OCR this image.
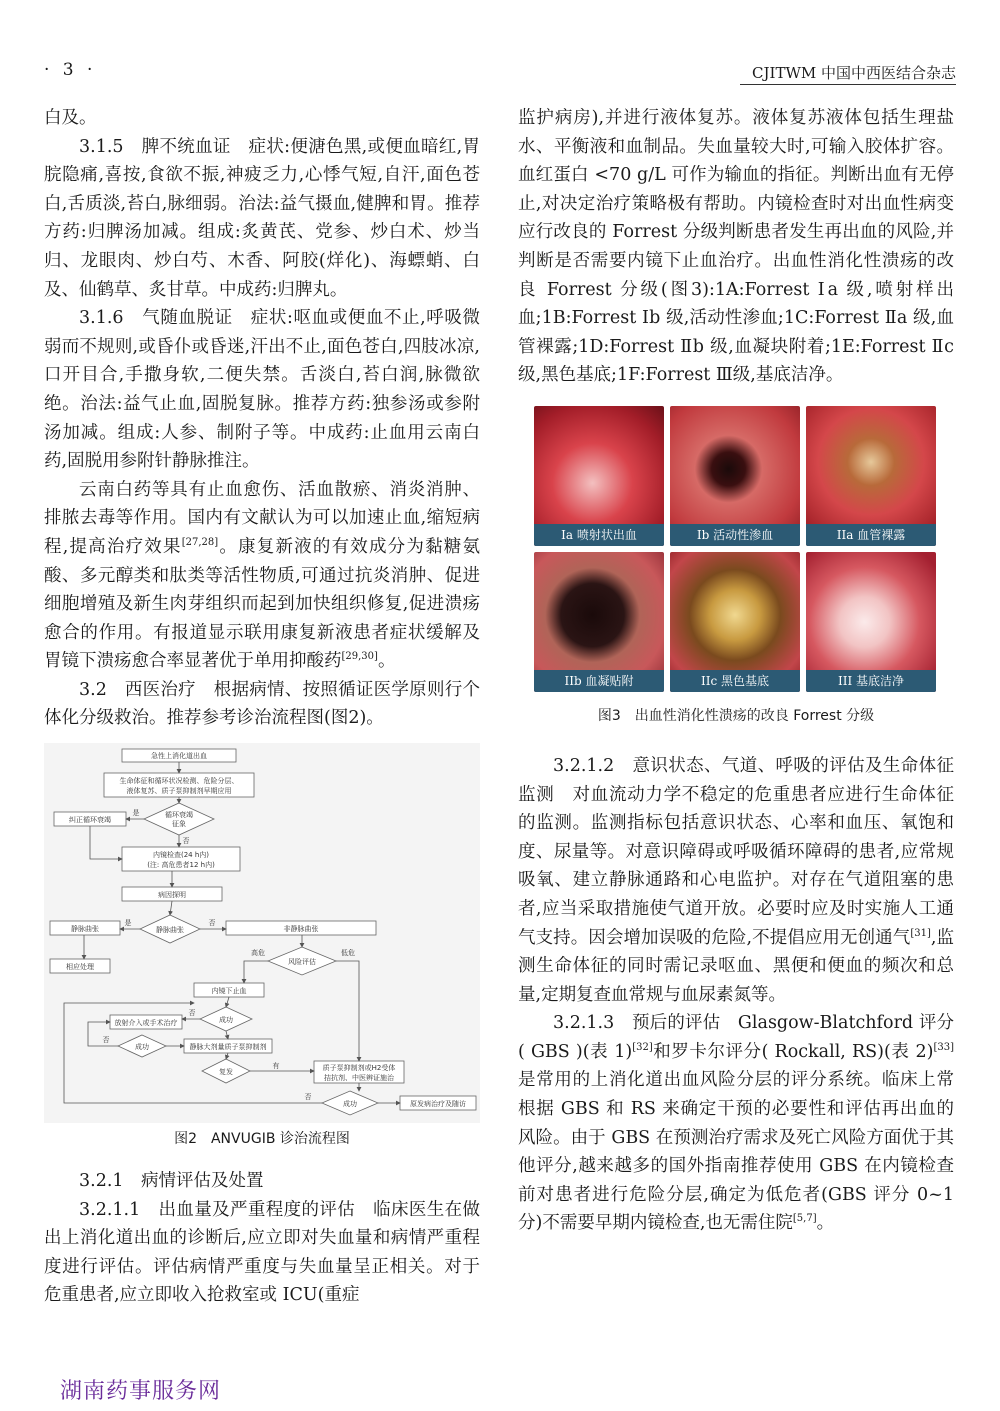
· 3 ·	CJITWM 中国中西医结合杂志

白及。

3.1.5　脾不统血证　症状:便溏色黑,或便血暗红,胃脘隐痛,喜按,食欲不振,神疲乏力,心悸气短,自汗,面色苍白,舌质淡,苔白,脉细弱。治法:益气摄血,健脾和胃。推荐方药:归脾汤加减。组成:炙黄芪、党参、炒白术、炒当归、龙眼肉、炒白芍、木香、阿胶(烊化)、海螵蛸、白及、仙鹤草、炙甘草。中成药:归脾丸。

3.1.6　气随血脱证　症状:呕血或便血不止,呼吸微弱而不规则,或昏仆或昏迷,汗出不止,面色苍白,四肢冰凉,口开目合,手撒身软,二便失禁。舌淡白,苔白润,脉微欲绝。治法:益气止血,固脱复脉。推荐方药:独参汤或参附汤加减。组成:人参、制附子等。中成药:止血用云南白药,固脱用参附针静脉推注。

云南白药等具有止血愈伤、活血散瘀、消炎消肿、排脓去毒等作用。国内有文献认为可以加速止血,缩短病程,提高治疗效果[27,28]。康复新液的有效成分为黏糖氨酸、多元醇类和肽类等活性物质,可通过抗炎消肿、促进细胞增殖及新生肉芽组织而起到加快组织修复,促进溃疡愈合的作用。有报道显示联用康复新液患者症状缓解及胃镜下溃疡愈合率显著优于单用抑酸药[29,30]。

3.2　西医治疗　根据病情、按照循证医学原则行个体化分级救治。推荐参考诊治流程图(图2)。

急性上消化道出血
生命体征和循环状况检测、危险分层、
液体复苏、质子泵抑制剂早期应用
纠正循环衰竭
循环衰竭
征象
是
否
内镜检查(24 h内)
(注: 高危患者12 h内)
病因探明
静脉曲张	静脉曲张
是	否
非静脉曲张
相应处理
高危	低危
风险评估
内镜下止血
放射介入或手术治疗	成功
否
成功
否
静脉大剂量质子泵抑制剂
复发
有	质子泵抑制剂或H2受体
拮抗剂、中医辨证施治
成功
否
原发病治疗及随访
图2　ANVUGIB 诊治流程图

3.2.1　病情评估及处置

3.2.1.1　出血量及严重程度的评估　临床医生在做出上消化道出血的诊断后,应立即对失血量和病情严重程度进行评估。评估病情严重度与失血量呈正相关。对于危重患者,应立即收入抢救室或 ICU(重症

监护病房),并进行液体复苏。液体复苏液体包括生理盐水、平衡液和血制品。失血量较大时,可输入胶体扩容。血红蛋白 <70 g/L 可作为输血的指征。判断出血有无停止,对决定治疗策略极有帮助。内镜检查时对出血性病变应行改良的 Forrest 分级判断患者发生再出血的风险,并判断是否需要内镜下止血治疗。出血性消化性溃疡的改良 Forrest 分级(图3):1A:Forrest Ⅰa 级,喷射样出血;1B:Forrest Ⅰb 级,活动性渗血;1C:Forrest Ⅱa 级,血管裸露;1D:Forrest Ⅱb 级,血凝块附着;1E:Forrest Ⅱc 级,黑色基底;1F:Forrest Ⅲ级,基底洁净。

Ia 喷射状出血	Ib 活动性渗血	IIa 血管裸露
IIb 血凝贴附	IIc 黑色基底	III 基底洁净
图3　出血性消化性溃疡的改良 Forrest 分级

3.2.1.2　意识状态、气道、呼吸的评估及生命体征监测　对血流动力学不稳定的危重患者应进行生命体征的监测。监测指标包括意识状态、心率和血压、氧饱和度、尿量等。对意识障碍或呼吸循环障碍的患者,应常规吸氧、建立静脉通路和心电监护。对存在气道阻塞的患者,应当采取措施使气道开放。必要时应及时实施人工通气支持。因会增加误吸的危险,不提倡应用无创通气[31],监测生命体征的同时需记录呕血、黑便和便血的频次和总量,定期复查血常规与血尿素氮等。

3.2.1.3　预后的评估　Glasgow-Blatchford 评分( GBS )(表 1)[32]和罗卡尔评分( Rockall, RS)(表 2)[33]是常用的上消化道出血风险分层的评分系统。临床上常根据 GBS 和 RS 来确定干预的必要性和评估再出血的风险。由于 GBS 在预测治疗需求及死亡风险方面优于其他评分,越来越多的国外指南推荐使用 GBS 在内镜检查前对患者进行危险分层,确定为低危者(GBS 评分 0~1 分)不需要早期内镜检查,也无需住院[5,7]。

湖南药事服务网
